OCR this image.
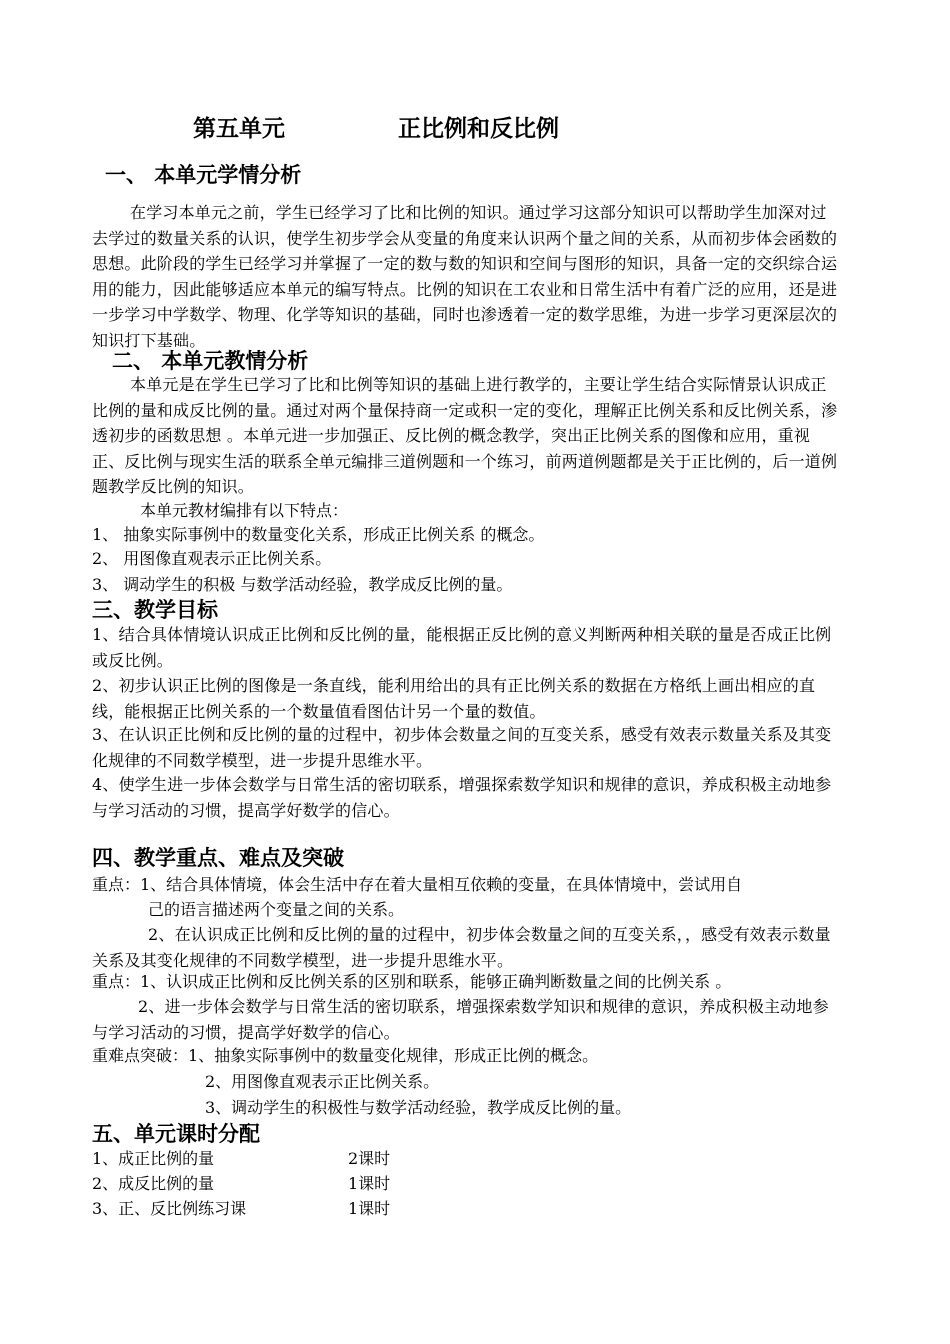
第五单元	正比例和反比例
一、 本单元学情分析
在学习本单元之前，学生已经学习了比和比例的知识。通过学习这部分知识可以帮助学生加深对过去学过的数量关系的认识，使学生初步学会从变量的角度来认识两个量之间的关系，从而初步体会函数的思想。此阶段的学生已经学习并掌握了一定的数与数的知识和空间与图形的知识，具备一定的交织综合运用的能力，因此能够适应本单元的编写特点。比例的知识在工农业和日常生活中有着广泛的应用，还是进一步学习中学数学、物理、化学等知识的基础，同时也渗透着一定的数学思维，为进一步学习更深层次的知识打下基础。
二、 本单元教情分析
本单元是在学生已学习了比和比例等知识的基础上进行教学的，主要让学生结合实际情景认识成正比例的量和成反比例的量。通过对两个量保持商一定或积一定的变化，理解正比例关系和反比例关系，渗透初步的函数思想 。本单元进一步加强正、反比例的概念教学，突出正比例关系的图像和应用，重视正、反比例与现实生活的联系全单元编排三道例题和一个练习，前两道例题都是关于正比例的，后一道例题教学反比例的知识。
本单元教材编排有以下特点：
1、 抽象实际事例中的数量变化关系，形成正比例关系 的概念。
2、 用图像直观表示正比例关系。
3、 调动学生的积极 与数学活动经验，教学成反比例的量。
三、教学目标
1、结合具体情境认识成正比例和反比例的量，能根据正反比例的意义判断两种相关联的量是否成正比例或反比例。
2、初步认识正比例的图像是一条直线，能利用给出的具有正比例关系的数据在方格纸上画出相应的直线，能根据正比例关系的一个数量值看图估计另一个量的数值。
3、在认识正比例和反比例的量的过程中，初步体会数量之间的互变关系，感受有效表示数量关系及其变化规律的不同数学模型，进一步提升思维水平。
4、使学生进一步体会数学与日常生活的密切联系，增强探索数学知识和规律的意识，养成积极主动地参与学习活动的习惯，提高学好数学的信心。
四、教学重点、难点及突破
重点：1、结合具体情境，体会生活中存在着大量相互依赖的变量，在具体情境中，尝试用自
己的语言描述两个变量之间的关系。
2、在认识成正比例和反比例的量的过程中，初步体会数量之间的互变关系，，感受有效表示数量关系及其变化规律的不同数学模型，进一步提升思维水平。
重点：1、认识成正比例和反比例关系的区别和联系，能够正确判断数量之间的比例关系 。
2、进一步体会数学与日常生活的密切联系，增强探索数学知识和规律的意识，养成积极主动地参与学习活动的习惯，提高学好数学的信心。
重难点突破：1、抽象实际事例中的数量变化规律，形成正比例的概念。
2、用图像直观表示正比例关系。
3、调动学生的积极性与数学活动经验，教学成反比例的量。
五、单元课时分配
1、成正比例的量	2课时
2、成反比例的量	1课时
3、正、反比例练习课	1课时
